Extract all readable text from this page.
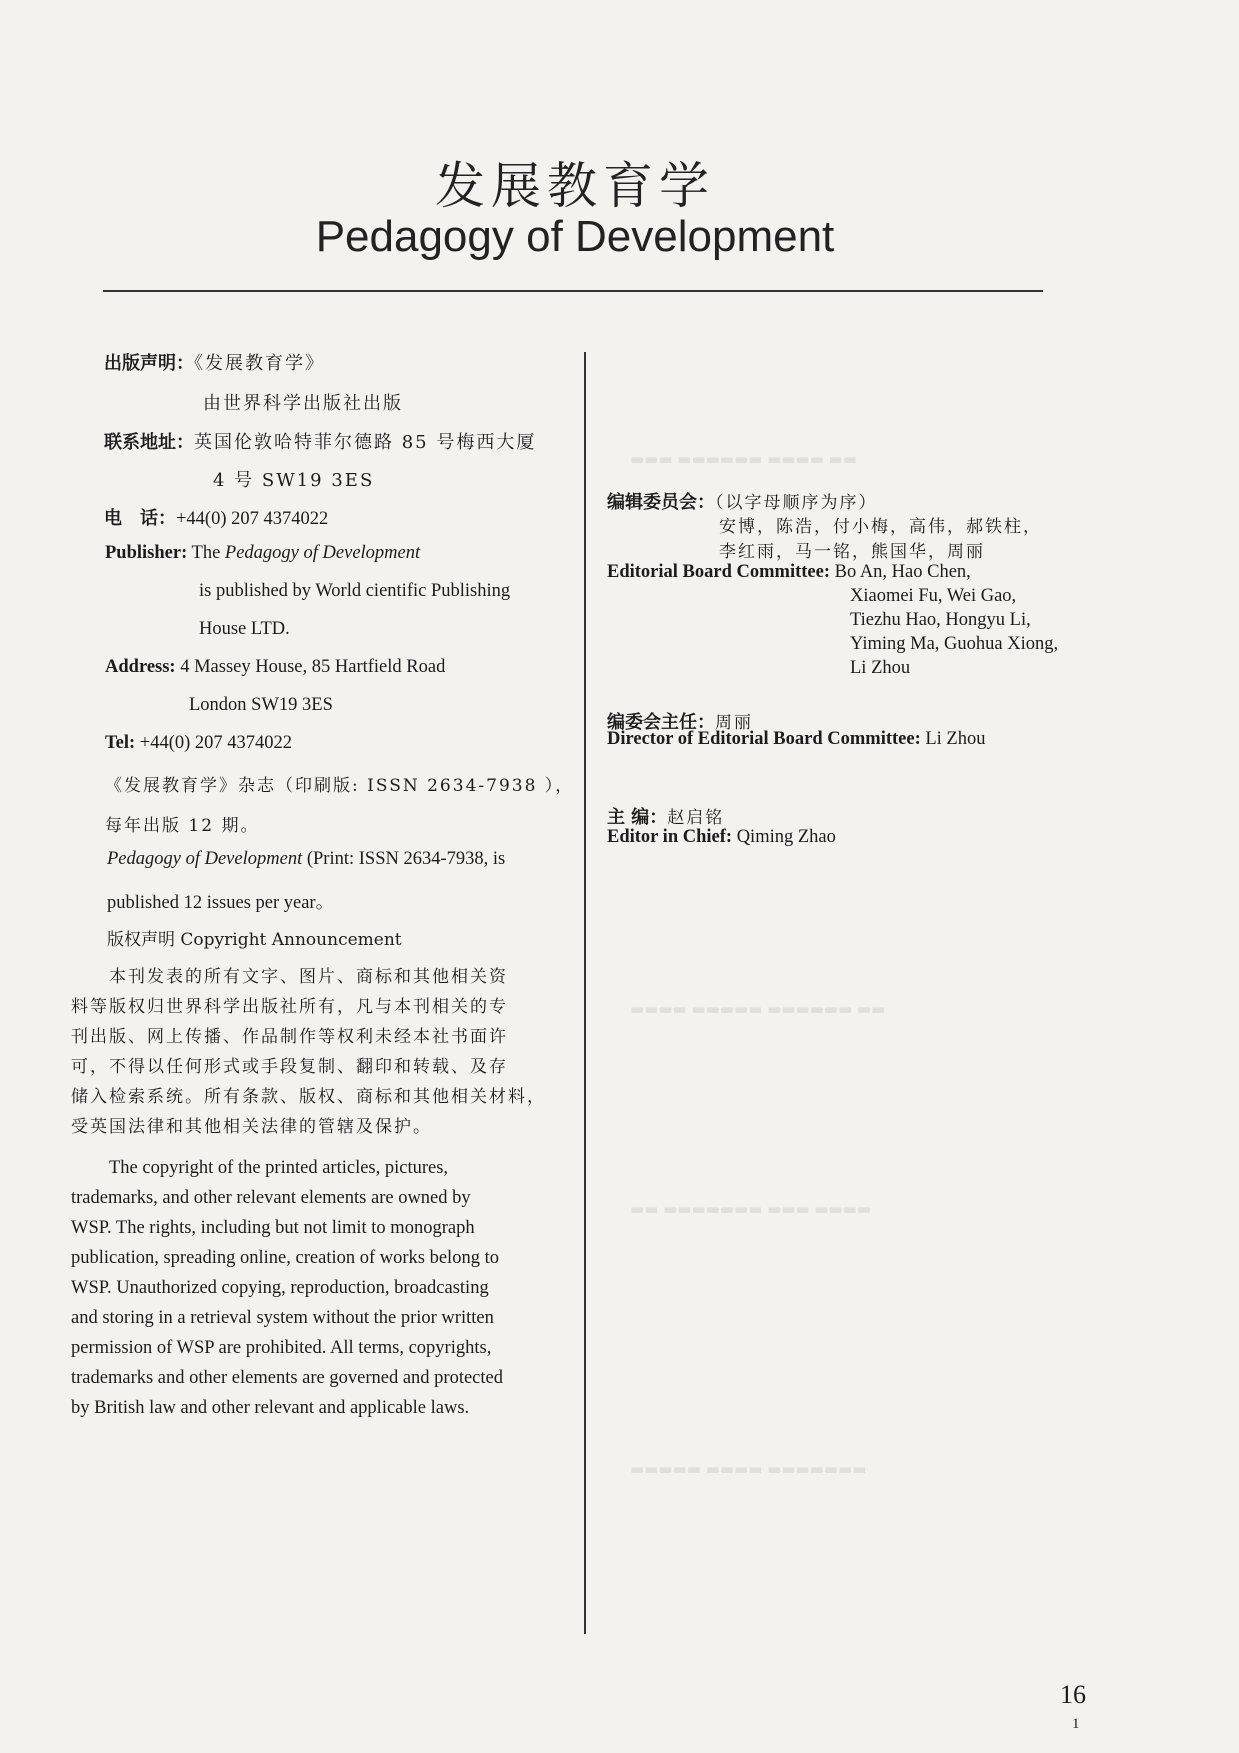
发展教育学
Pedagogy of Development
▬▬▬ ▬▬▬▬▬▬ ▬▬▬▬ ▬▬
▬▬▬▬ ▬▬▬▬▬ ▬▬▬▬▬▬ ▬▬
▬▬ ▬▬▬▬▬▬▬ ▬▬▬ ▬▬▬▬
▬▬▬▬▬ ▬▬▬▬ ▬▬▬▬▬▬▬
出版声明：《发展教育学》
由世界科学出版社出版
联系地址：英国伦敦哈特菲尔德路 85 号梅西大厦
4 号 SW19 3ES
电　话：+44(0) 207 4374022
Publisher: The Pedagogy of Development
is published by World cientific Publishing
House LTD.
Address: 4 Massey House, 85 Hartfield Road
London SW19 3ES
Tel: +44(0) 207 4374022
《发展教育学》杂志（印刷版: ISSN 2634-7938 ），
每年出版 12 期。
Pedagogy of Development (Print: ISSN 2634-7938, is
published 12 issues per year。
版权声明 Copyright Announcement
本刊发表的所有文字、图片、商标和其他相关资
料等版权归世界科学出版社所有，凡与本刊相关的专
刊出版、网上传播、作品制作等权利未经本社书面许
可，不得以任何形式或手段复制、翻印和转载、及存
储入检索系统。所有条款、版权、商标和其他相关材料，
受英国法律和其他相关法律的管辖及保护。
The copyright of the printed articles, pictures,
trademarks, and other relevant elements are owned by
WSP. The rights, including but not limit to monograph
publication, spreading online, creation of works belong to
WSP. Unauthorized copying, reproduction, broadcasting
and storing in a retrieval system without the prior written
permission of WSP are prohibited. All terms, copyrights,
trademarks and other elements are governed and protected
by British law and other relevant and applicable laws.
编辑委员会：（以字母顺序为序）
安博，陈浩，付小梅，高伟，郝铁柱，
李红雨，马一铭，熊国华，周丽
Editorial Board Committee: Bo An, Hao Chen,
Xiaomei Fu, Wei Gao,
Tiezhu Hao, Hongyu Li,
Yiming Ma, Guohua Xiong,
Li Zhou
编委会主任：周丽
Director of Editorial Board Committee: Li Zhou
主 编：赵启铭
Editor in Chief: Qiming Zhao
16
1
